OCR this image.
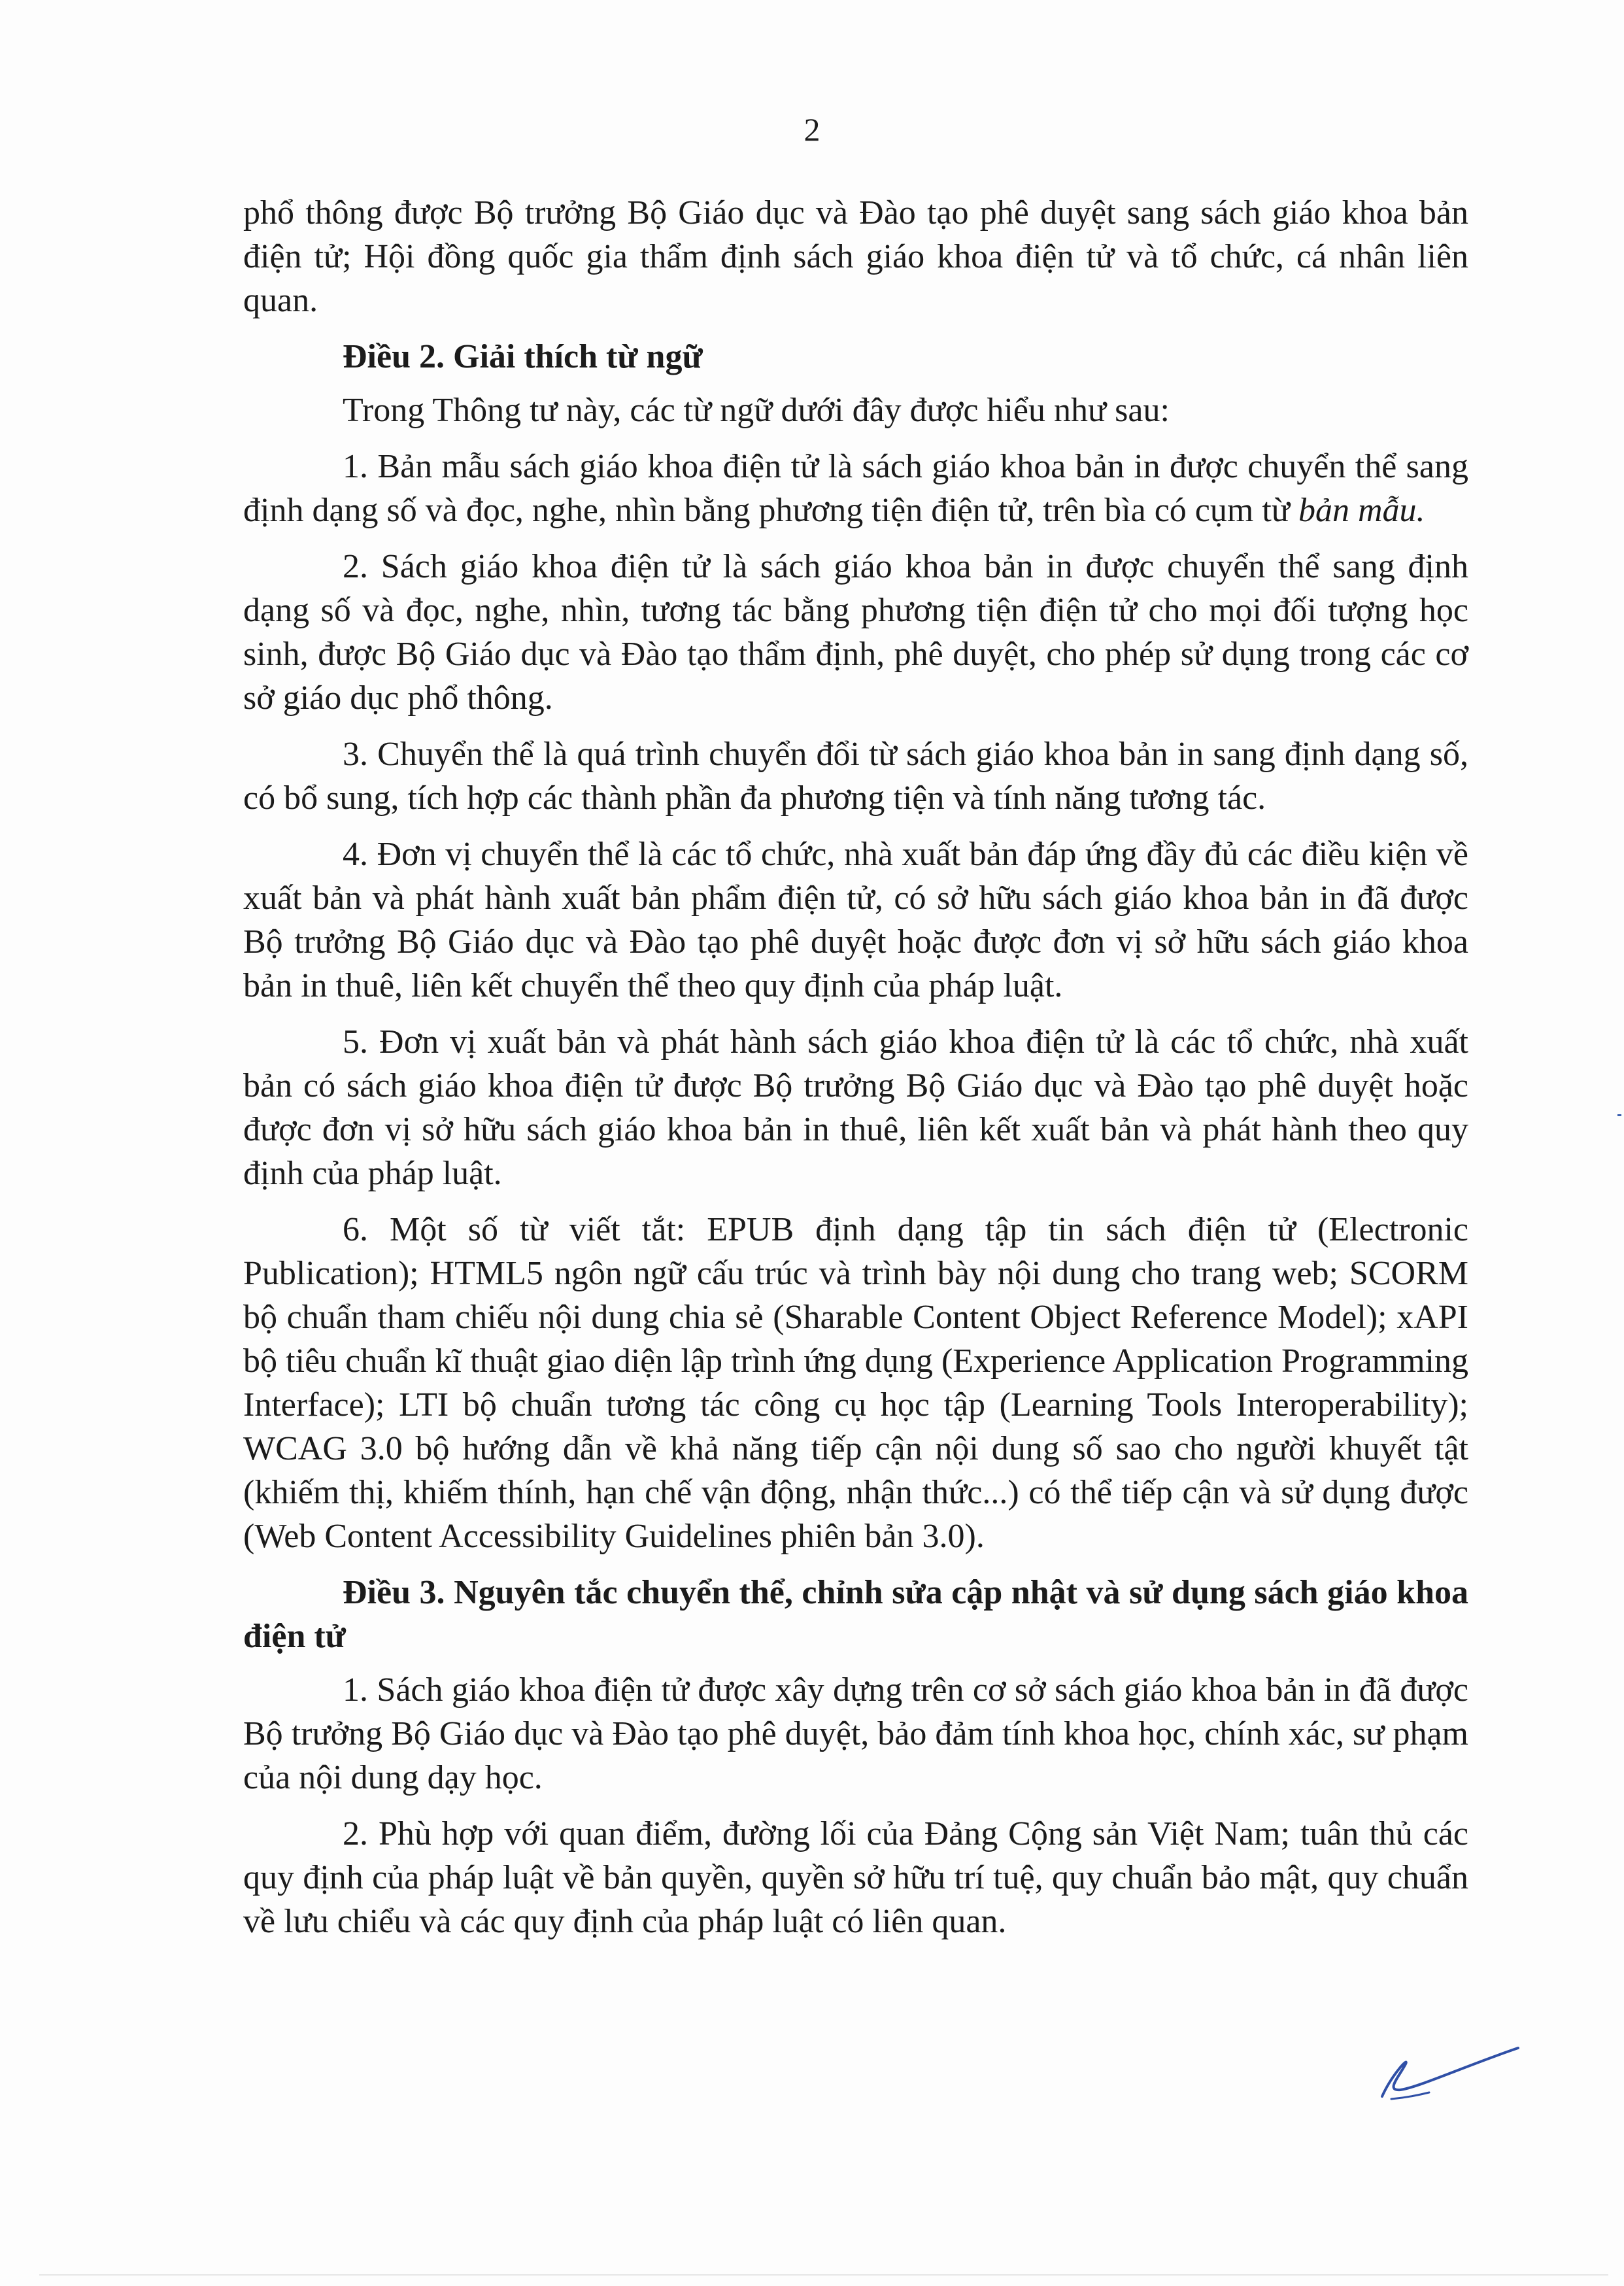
2

phổ thông được Bộ trưởng Bộ Giáo dục và Đào tạo phê duyệt sang sách giáo khoa bản điện tử; Hội đồng quốc gia thẩm định sách giáo khoa điện tử và tổ chức, cá nhân liên quan.

Điều 2. Giải thích từ ngữ

Trong Thông tư này, các từ ngữ dưới đây được hiểu như sau:

1. Bản mẫu sách giáo khoa điện tử là sách giáo khoa bản in được chuyển thể sang định dạng số và đọc, nghe, nhìn bằng phương tiện điện tử, trên bìa có cụm từ bản mẫu.

2. Sách giáo khoa điện tử là sách giáo khoa bản in được chuyển thể sang định dạng số và đọc, nghe, nhìn, tương tác bằng phương tiện điện tử cho mọi đối tượng học sinh, được Bộ Giáo dục và Đào tạo thẩm định, phê duyệt, cho phép sử dụng trong các cơ sở giáo dục phổ thông.

3. Chuyển thể là quá trình chuyển đổi từ sách giáo khoa bản in sang định dạng số, có bổ sung, tích hợp các thành phần đa phương tiện và tính năng tương tác.

4. Đơn vị chuyển thể là các tổ chức, nhà xuất bản đáp ứng đầy đủ các điều kiện về xuất bản và phát hành xuất bản phẩm điện tử, có sở hữu sách giáo khoa bản in đã được Bộ trưởng Bộ Giáo dục và Đào tạo phê duyệt hoặc được đơn vị sở hữu sách giáo khoa bản in thuê, liên kết chuyển thể theo quy định của pháp luật.

5. Đơn vị xuất bản và phát hành sách giáo khoa điện tử là các tổ chức, nhà xuất bản có sách giáo khoa điện tử được Bộ trưởng Bộ Giáo dục và Đào tạo phê duyệt hoặc được đơn vị sở hữu sách giáo khoa bản in thuê, liên kết xuất bản và phát hành theo quy định của pháp luật.

6. Một số từ viết tắt: EPUB định dạng tập tin sách điện tử (Electronic Publication); HTML5 ngôn ngữ cấu trúc và trình bày nội dung cho trang web; SCORM bộ chuẩn tham chiếu nội dung chia sẻ (Sharable Content Object Reference Model); xAPI bộ tiêu chuẩn kĩ thuật giao diện lập trình ứng dụng (Experience Application Programming Interface); LTI bộ chuẩn tương tác công cụ học tập (Learning Tools Interoperability); WCAG 3.0 bộ hướng dẫn về khả năng tiếp cận nội dung số sao cho người khuyết tật (khiếm thị, khiếm thính, hạn chế vận động, nhận thức...) có thể tiếp cận và sử dụng được (Web Content Accessibility Guidelines phiên bản 3.0).

Điều 3. Nguyên tắc chuyển thể, chỉnh sửa cập nhật và sử dụng sách giáo khoa điện tử

1. Sách giáo khoa điện tử được xây dựng trên cơ sở sách giáo khoa bản in đã được Bộ trưởng Bộ Giáo dục và Đào tạo phê duyệt, bảo đảm tính khoa học, chính xác, sư phạm của nội dung dạy học.

2. Phù hợp với quan điểm, đường lối của Đảng Cộng sản Việt Nam; tuân thủ các quy định của pháp luật về bản quyền, quyền sở hữu trí tuệ, quy chuẩn bảo mật, quy chuẩn về lưu chiểu và các quy định của pháp luật có liên quan.
